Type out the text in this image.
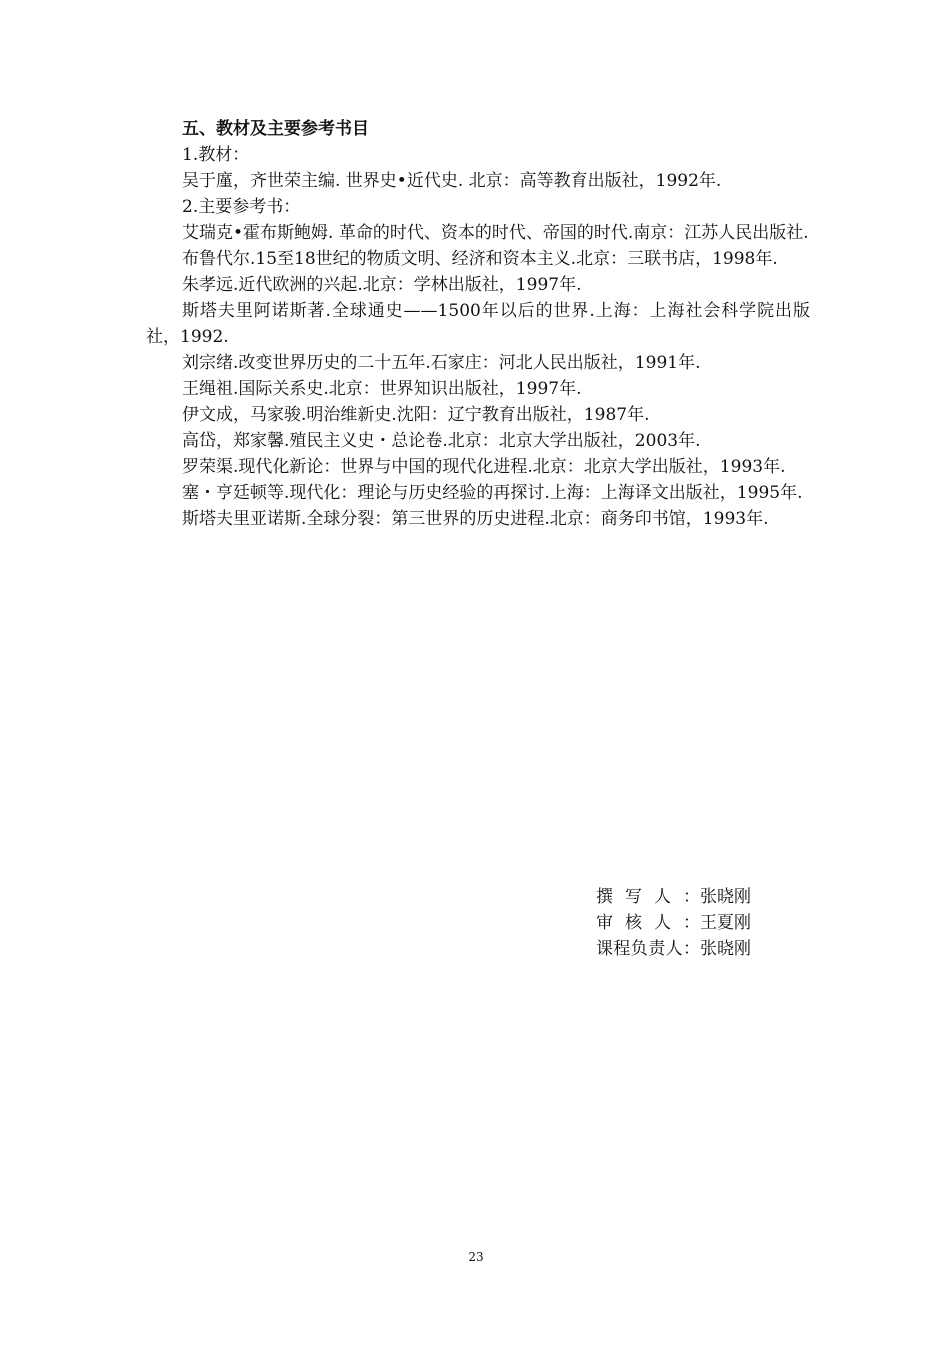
五、教材及主要参考书目

1.教材：

吴于廑，齐世荣主编. 世界史•近代史. 北京：高等教育出版社，1992年.

2.主要参考书：

艾瑞克•霍布斯鲍姆. 革命的时代、资本的时代、帝国的时代.南京：江苏人民出版社.

布鲁代尔.15至18世纪的物质文明、经济和资本主义.北京：三联书店，1998年.

朱孝远.近代欧洲的兴起.北京：学林出版社，1997年.

斯塔夫里阿诺斯著.全球通史——1500年以后的世界.上海：上海社会科学院出版社，1992.

刘宗绪.改变世界历史的二十五年.石家庄：河北人民出版社，1991年.

王绳祖.国际关系史.北京：世界知识出版社，1997年.

伊文成，马家骏.明治维新史.沈阳：辽宁教育出版社，1987年.

高岱，郑家馨.殖民主义史・总论卷.北京：北京大学出版社，2003年.

罗荣渠.现代化新论：世界与中国的现代化进程.北京：北京大学出版社，1993年.

塞・亨廷顿等.现代化：理论与历史经验的再探讨.上海：上海译文出版社，1995年.

斯塔夫里亚诺斯.全球分裂：第三世界的历史进程.北京：商务印书馆，1993年.

撰写人： 张晓刚
审核人： 王夏刚
课程负责人： 张晓刚
23
